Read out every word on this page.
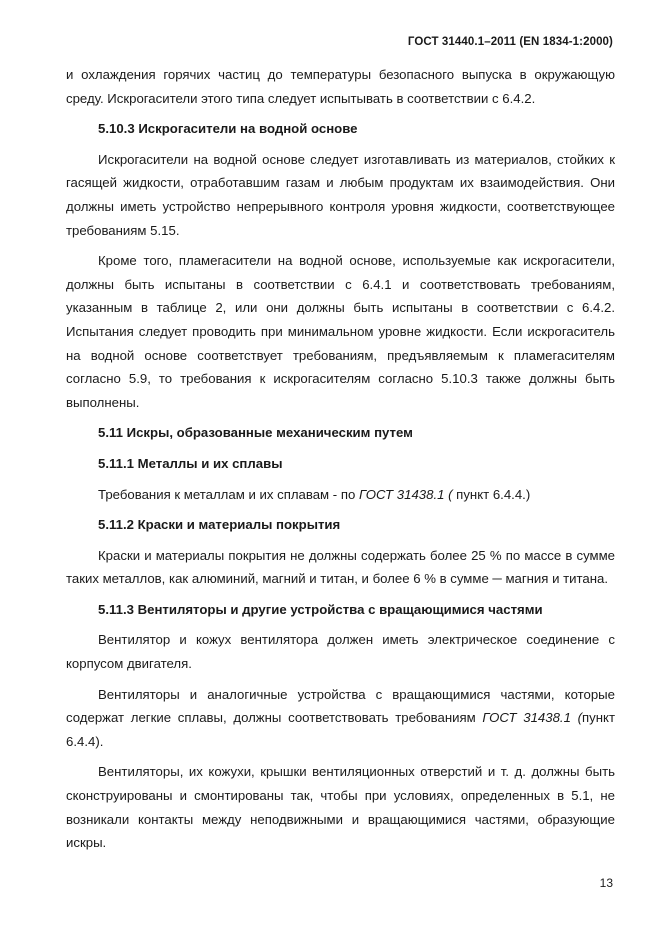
ГОСТ 31440.1–2011 (EN 1834-1:2000)

и охлаждения горячих частиц до температуры безопасного выпуска в окружающую среду. Искрогасители этого типа следует испытывать в соответствии с 6.4.2.

5.10.3 Искрогасители на водной основе

Искрогасители на водной основе следует изготавливать из материалов, стойких к гасящей жидкости, отработавшим газам и любым продуктам их взаимодействия. Они должны иметь устройство непрерывного контроля уровня жидкости, соответствующее требованиям 5.15.

Кроме того, пламегасители на водной основе, используемые как искрогасители, должны быть испытаны в соответствии с 6.4.1 и соответствовать требованиям, указанным в таблице 2, или они должны быть испытаны в соответствии с 6.4.2. Испытания следует проводить при минимальном уровне жидкости. Если искрогаситель на водной основе соответствует требованиям, предъявляемым к пламегасителям согласно 5.9, то требования к искрогасителям согласно 5.10.3 также должны быть выполнены.

5.11 Искры, образованные механическим путем
5.11.1 Металлы и их сплавы

Требования к металлам и их сплавам - по ГОСТ 31438.1 ( пункт 6.4.4.)

5.11.2 Краски и материалы покрытия

Краски и материалы покрытия не должны содержать более 25 % по массе в сумме таких металлов, как алюминий, магний и титан, и более 6 % в сумме ─ магния и титана.

5.11.3 Вентиляторы и другие устройства с вращающимися частями

Вентилятор и кожух вентилятора должен иметь электрическое соединение с корпусом двигателя.

Вентиляторы и аналогичные устройства с вращающимися частями, которые содержат легкие сплавы, должны соответствовать требованиям ГОСТ 31438.1 (пункт 6.4.4).

Вентиляторы, их кожухи, крышки вентиляционных отверстий и т. д. должны быть сконструированы и смонтированы так, чтобы при условиях, определенных в 5.1, не возникали контакты между неподвижными и вращающимися частями, образующие искры.

13
